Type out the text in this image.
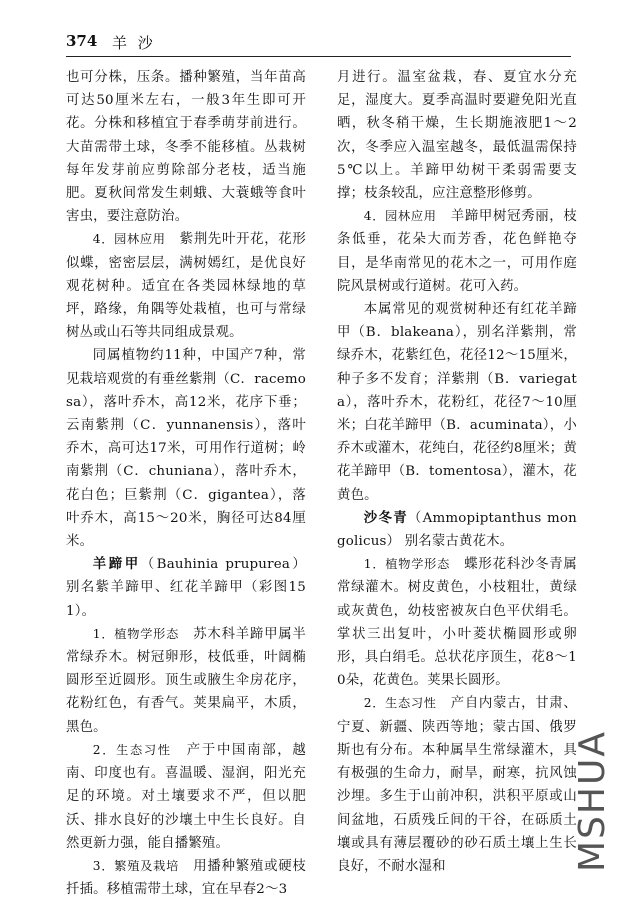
374 羊 沙

也可分株，压条。播种繁殖，当年苗高可达50厘米左右，一般3年生即可开花。分株和移植宜于春季萌芽前进行。大苗需带土球，冬季不能移植。丛栽树每年发芽前应剪除部分老枝，适当施肥。夏秋间常发生刺蛾、大蓑蛾等食叶害虫，要注意防治。

4．园林应用　 紫荆先叶开花，花形似蝶，密密层层，满树嫣红，是优良好观花树种。适宜在各类园林绿地的草坪，路缘，角隅等处栽植，也可与常绿树丛或山石等共同组成景观。

同属植物约11种，中国产7种，常见栽培观赏的有垂丝紫荆（C．racemosa），落叶乔木，高12米，花序下垂；云南紫荆（C．yunnanensis），落叶乔木，高可达17米，可用作行道树；岭南紫荆（C．chuniana），落叶乔木，花白色；巨紫荆（C．gigantea），落叶乔木，高15～20米，胸径可达84厘米。

羊蹄甲（Bauhinia prupurea） 别名紫羊蹄甲、红花羊蹄甲（彩图151）。

1．植物学形态　 苏木科羊蹄甲属半常绿乔木。树冠卵形，枝低垂，叶阔椭圆形至近圆形。顶生或腋生伞房花序，花粉红色，有香气。荚果扁平，木质，黑色。

2．生态习性　 产于中国南部，越南、印度也有。喜温暖、湿润，阳光充足的环境。对土壤要求不严，但以肥沃、排水良好的沙壤土中生长良好。自然更新力强，能自播繁殖。

3．繁殖及栽培　 用播种繁殖或硬枝扦插。移植需带土球，宜在早春2～3

月进行。温室盆栽，春、夏宜水分充足，湿度大。夏季高温时要避免阳光直晒，秋冬稍干燥，生长期施液肥1～2次，冬季应入温室越冬，最低温需保持5℃以上。羊蹄甲幼树干柔弱需要支撑；枝条较乱，应注意整形修剪。

4．园林应用　 羊蹄甲树冠秀丽，枝条低垂，花朵大而芳香，花色鲜艳夺目，是华南常见的花木之一，可用作庭院风景树或行道树。花可入药。

本属常见的观赏树种还有红花羊蹄甲（B．blakeana），别名洋紫荆，常绿乔木，花紫红色，花径12～15厘米，种子多不发育；洋紫荆（B．variegata），落叶乔木，花粉红，花径7～10厘米；白花羊蹄甲（B．acuminata），小乔木或灌木，花纯白，花径约8厘米；黄花羊蹄甲（B．tomentosa），灌木，花黄色。

沙冬青（Ammopiptanthus mongolicus） 别名蒙古黄花木。

1．植物学形态　 蝶形花科沙冬青属常绿灌木。树皮黄色，小枝粗壮，黄绿或灰黄色，幼枝密被灰白色平伏绢毛。掌状三出复叶，小叶菱状椭圆形或卵形，具白绢毛。总状花序顶生，花8～10朵，花黄色。荚果长圆形。

2．生态习性　 产自内蒙古，甘肃、宁夏、新疆、陕西等地；蒙古国、俄罗斯也有分布。本种属旱生常绿灌木，具有极强的生命力，耐旱，耐寒，抗风蚀沙埋。多生于山前冲积，洪积平原或山间盆地，石质残丘间的干谷，在砾质土壤或具有薄层覆砂的砂石质土壤上生长良好，不耐水湿和	MSHUA
